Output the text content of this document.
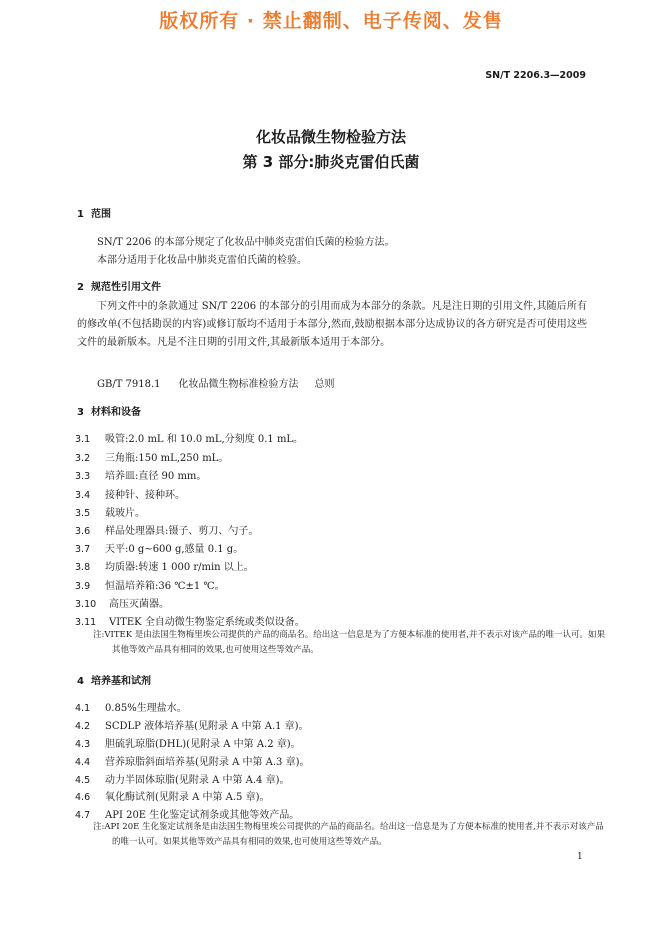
版权所有 · 禁止翻制、电子传阅、发售
SN/T 2206.3—2009
化妆品微生物检验方法
第 3 部分:肺炎克雷伯氏菌
1 范围
SN/T 2206 的本部分规定了化妆品中肺炎克雷伯氏菌的检验方法。
本部分适用于化妆品中肺炎克雷伯氏菌的检验。
2 规范性引用文件
下列文件中的条款通过 SN/T 2206 的本部分的引用而成为本部分的条款。凡是注日期的引用文件,其随后所有的修改单(不包括勘误的内容)或修订版均不适用于本部分,然而,鼓励根据本部分达成协议的各方研究是否可使用这些文件的最新版本。凡是不注日期的引用文件,其最新版本适用于本部分。
GB/T 7918.1 化妆品微生物标准检验方法 总则
3 材料和设备
3.1 吸管:2.0 mL 和 10.0 mL,分刻度 0.1 mL。
3.2 三角瓶:150 mL,250 mL。
3.3 培养皿:直径 90 mm。
3.4 接种针、接种环。
3.5 载玻片。
3.6 样品处理器具:镊子、剪刀、勺子。
3.7 天平:0 g~600 g,感量 0.1 g。
3.8 均质器:转速 1 000 r/min 以上。
3.9 恒温培养箱:36 ℃±1 ℃。
3.10 高压灭菌器。
3.11 VITEK 全自动微生物鉴定系统或类似设备。
注:VITEK 是由法国生物梅里埃公司提供的产品的商品名。给出这一信息是为了方便本标准的使用者,并不表示对该产品的唯一认可。如果其他等效产品具有相同的效果,也可使用这些等效产品。
4 培养基和试剂
4.1 0.85%生理盐水。
4.2 SCDLP 液体培养基(见附录 A 中第 A.1 章)。
4.3 胆硫乳琼脂(DHL)(见附录 A 中第 A.2 章)。
4.4 营养琼脂斜面培养基(见附录 A 中第 A.3 章)。
4.5 动力半固体琼脂(见附录 A 中第 A.4 章)。
4.6 氧化酶试剂(见附录 A 中第 A.5 章)。
4.7 API 20E 生化鉴定试剂条或其他等效产品。
注:API 20E 生化鉴定试剂条是由法国生物梅里埃公司提供的产品的商品名。给出这一信息是为了方便本标准的使用者,并不表示对该产品的唯一认可。如果其他等效产品具有相同的效果,也可使用这些等效产品。
1
